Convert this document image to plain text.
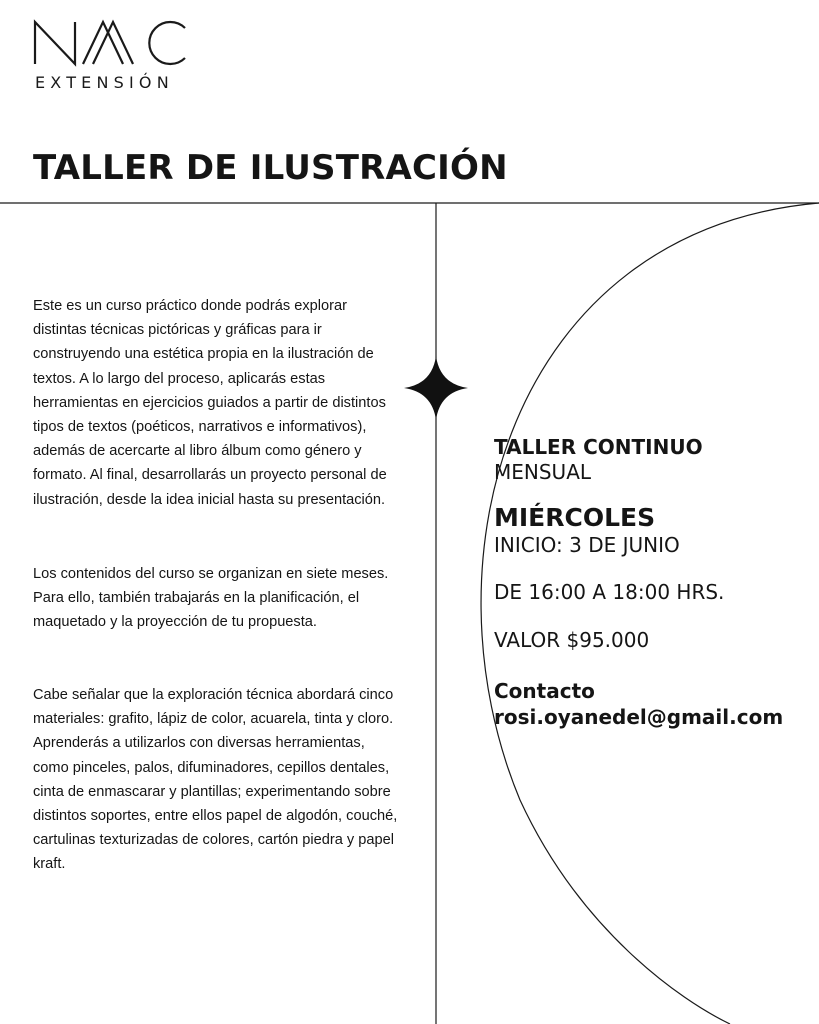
EXTENSIÓN
TALLER DE ILUSTRACIÓN

Este es un curso práctico donde podrás explorar distintas técnicas pictóricas y gráficas para ir construyendo una estética propia en la ilustración de textos. A lo largo del proceso, aplicarás estas herramientas en ejercicios guiados a partir de distintos tipos de textos (poéticos, narrativos e informativos), además de acercarte al libro álbum como género y formato. Al final, desarrollarás un proyecto personal de ilustración, desde la idea inicial hasta su presentación.

Los contenidos del curso se organizan en siete meses. Para ello, también trabajarás en la planificación, el maquetado y la proyección de tu propuesta.

Cabe señalar que la exploración técnica abordará cinco materiales: grafito, lápiz de color, acuarela, tinta y cloro. Aprenderás a utilizarlos con diversas herramientas, como pinceles, palos, difuminadores, cepillos dentales, cinta de enmascarar y plantillas; experimentando sobre distintos soportes, entre ellos papel de algodón, couché, cartulinas texturizadas de colores, cartón piedra y papel kraft.

TALLER CONTINUO
MENSUAL
MIÉRCOLES
INICIO: 3 DE JUNIO
DE 16:00 A 18:00 HRS.
VALOR $95.000
Contacto
rosi.oyanedel@gmail.com
